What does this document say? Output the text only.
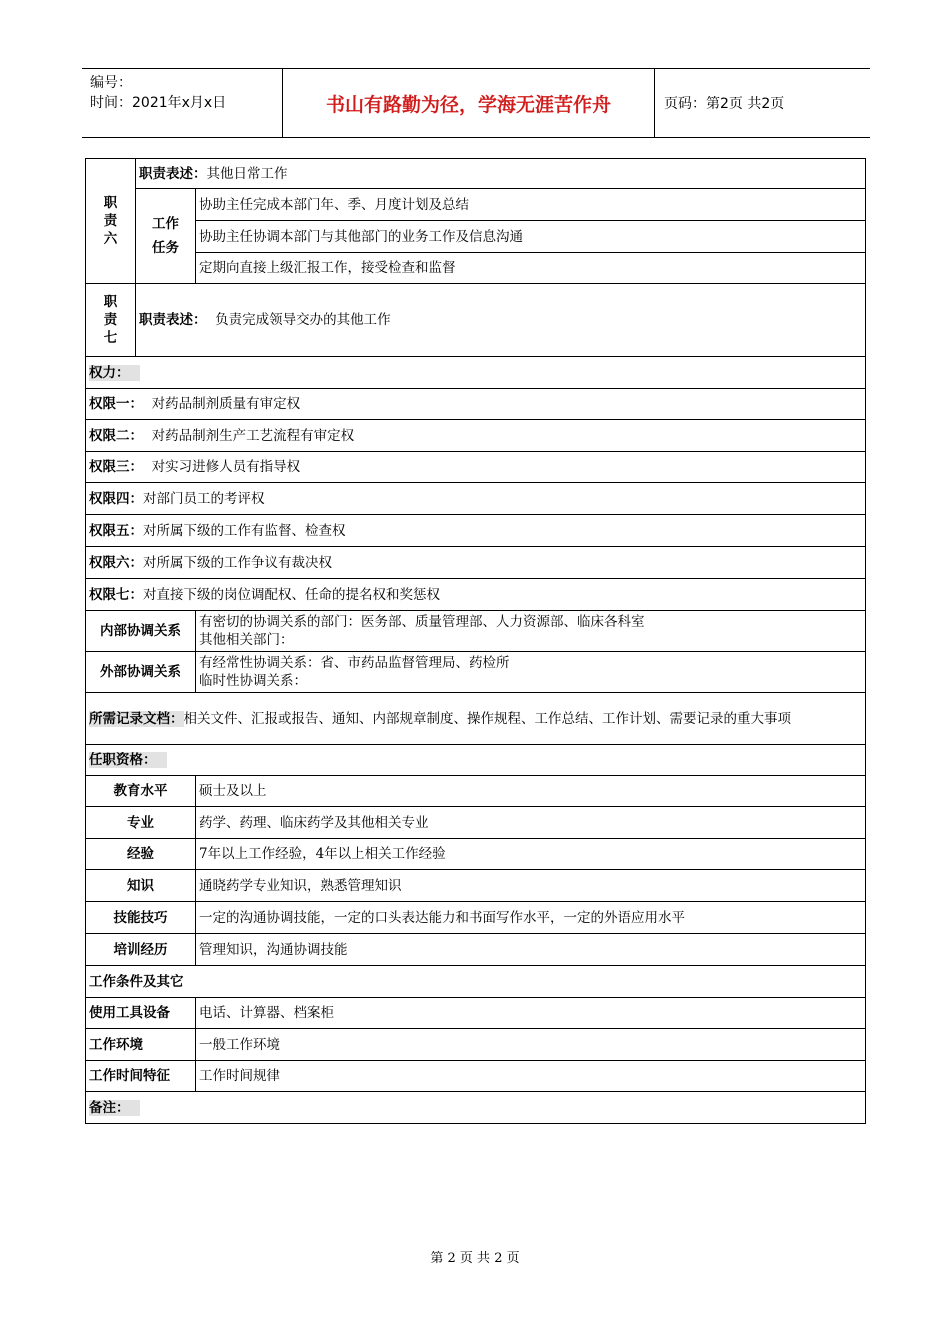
编号：
时间：2021年x月x日	书山有路勤为径，学海无涯苦作舟	页码：第2页 共2页
职
责
六	职责表述：其他日常工作	
	工作任务	协助主任完成本部门年、季、月度计划及总结
		协助主任协调本部门与其他部门的业务工作及信息沟通
		定期向直接上级汇报工作，接受检查和监督
职
责
七	职责表述： 负责完成领导交办的其他工作	
权力：		
权限一： 对药品制剂质量有审定权		
权限二： 对药品制剂生产工艺流程有审定权		
权限三： 对实习进修人员有指导权		
权限四：对部门员工的考评权		
权限五：对所属下级的工作有监督、检查权		
权限六：对所属下级的工作争议有裁决权		
权限七：对直接下级的岗位调配权、任命的提名权和奖惩权		
内部协调关系		有密切的协调关系的部门：医务部、质量管理部、人力资源部、临床各科室
其他相关部门：

外部协调关系		有经常性协调关系：省、市药品监督管理局、药检所
临时性协调关系：

所需记录文档：相关文件、汇报或报告、通知、内部规章制度、操作规程、工作总结、工作计划、需要记录的重大事项		
任职资格：		
教育水平		硕士及以上
专业		药学、药理、临床药学及其他相关专业
经验		7年以上工作经验，4年以上相关工作经验
知识		通晓药学专业知识，熟悉管理知识
技能技巧		一定的沟通协调技能，一定的口头表达能力和书面写作水平，一定的外语应用水平
培训经历		管理知识，沟通协调技能
工作条件及其它		
使用工具设备		电话、计算器、档案柜
工作环境		一般工作环境
工作时间特征		工作时间规律
备注：		
第 2 页 共 2 页
